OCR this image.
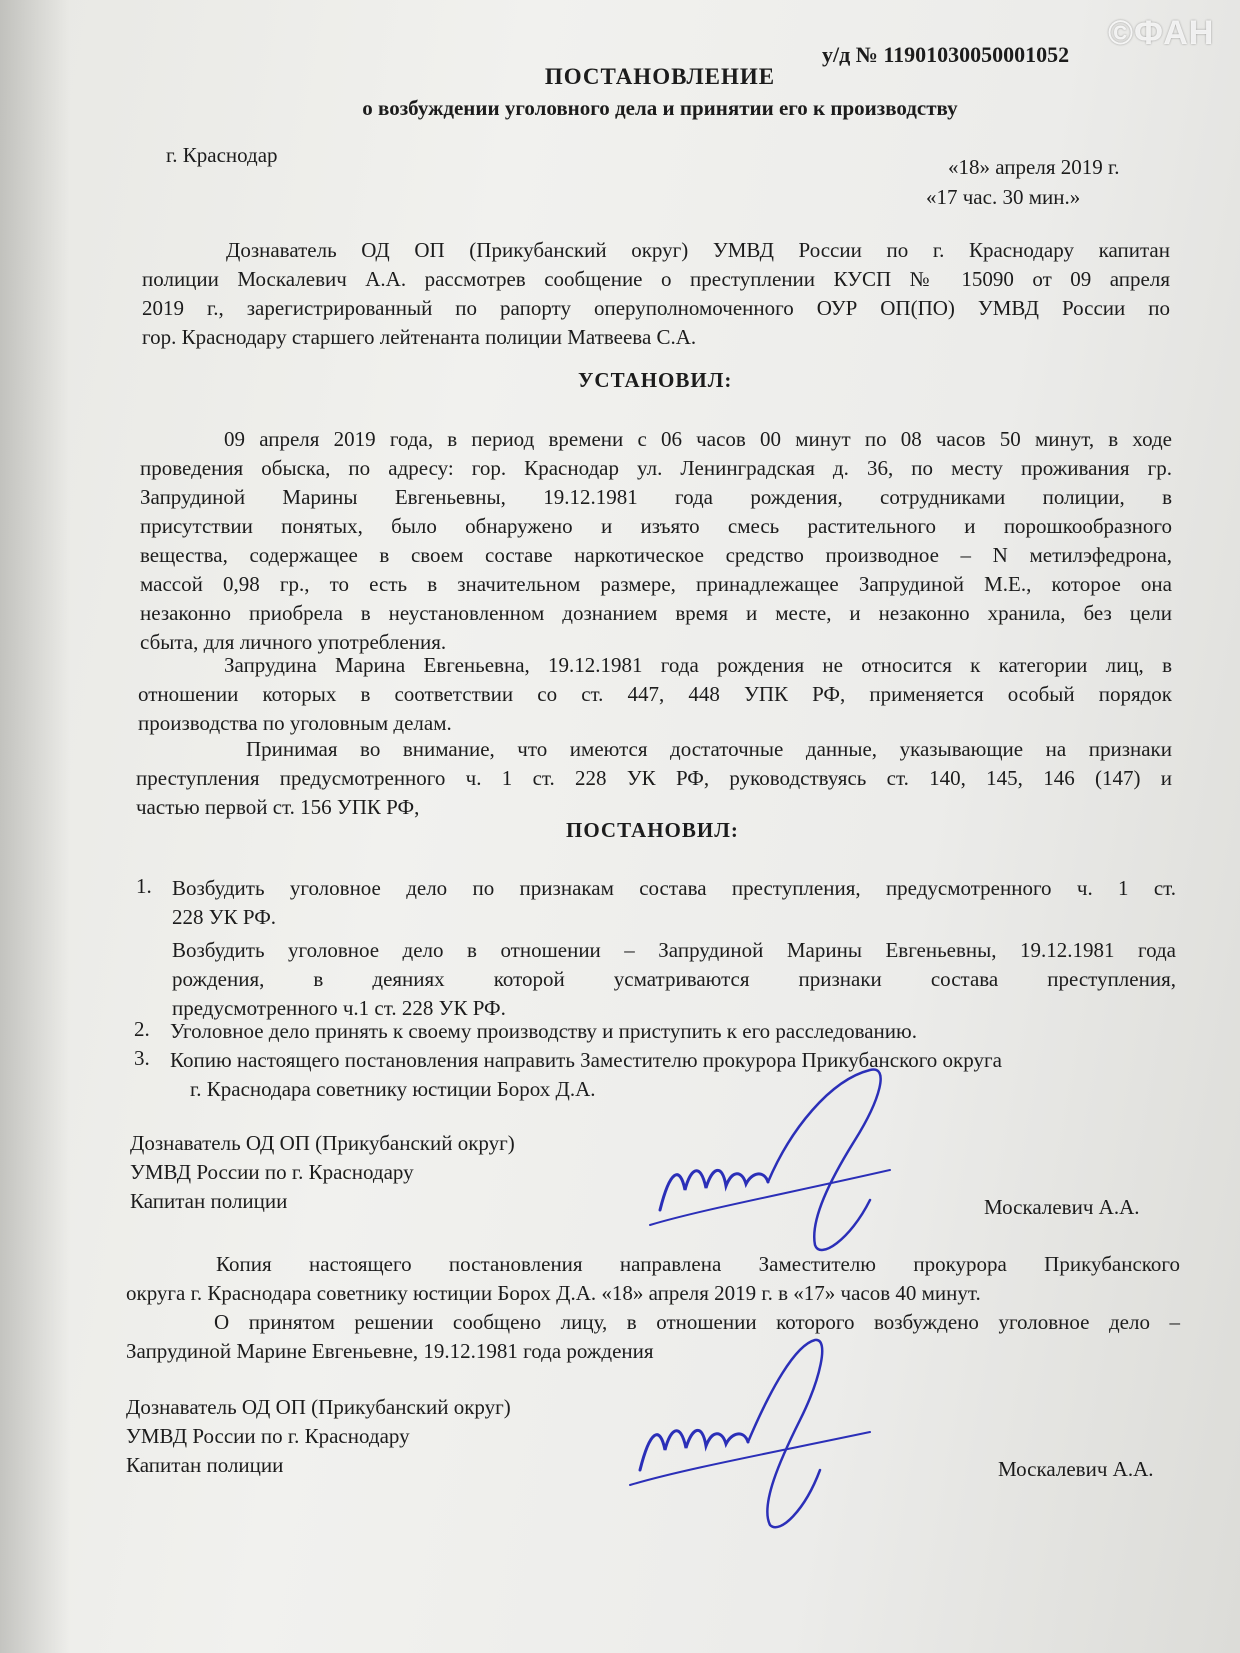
©ФАН
у/д № 11901030050001052
ПОСТАНОВЛЕНИЕ
о возбуждении уголовного дела и принятии его к производству
г. Краснодар	«18» апреля 2019 г.
«17 час. 30 мин.»
Дознаватель ОД ОП (Прикубанский округ) УМВД России по г. Краснодару капитан
полиции Москалевич А.А. рассмотрев сообщение о преступлении КУСП № 15090 от 09 апреля
2019 г., зарегистрированный по рапорту оперуполномоченного ОУР ОП(ПО) УМВД России по
гор. Краснодару старшего лейтенанта полиции Матвеева С.А.
УСТАНОВИЛ:
09 апреля 2019 года, в период времени с 06 часов 00 минут по 08 часов 50 минут, в ходе
проведения обыска, по адресу: гор. Краснодар ул. Ленинградская д. 36, по месту проживания гр.
Запрудиной Марины Евгеньевны, 19.12.1981 года рождения, сотрудниками полиции, в
присутствии понятых, было обнаружено и изъято смесь растительного и порошкообразного
вещества, содержащее в своем составе наркотическое средство производное – N метилэфедрона,
массой 0,98 гр., то есть в значительном размере, принадлежащее Запрудиной М.Е., которое она
незаконно приобрела в неустановленном дознанием время и месте, и незаконно хранила, без цели
сбыта, для личного употребления.
Запрудина Марина Евгеньевна, 19.12.1981 года рождения не относится к категории лиц, в
отношении которых в соответствии со ст. 447, 448 УПК РФ, применяется особый порядок
производства по уголовным делам.
Принимая во внимание, что имеются достаточные данные, указывающие на признаки
преступления предусмотренного ч. 1 ст. 228 УК РФ, руководствуясь ст. 140, 145, 146 (147) и
частью первой ст. 156 УПК РФ,
ПОСТАНОВИЛ:
1. Возбудить уголовное дело по признакам состава преступления, предусмотренного ч. 1 ст.
228 УК РФ.
Возбудить уголовное дело в отношении – Запрудиной Марины Евгеньевны, 19.12.1981 года
рождения, в деяниях которой усматриваются признаки состава преступления,
предусмотренного ч.1 ст. 228 УК РФ.
2. Уголовное дело принять к своему производству и приступить к его расследованию.
3. Копию настоящего постановления направить Заместителю прокурора Прикубанского округа
г. Краснодара советнику юстиции Борох Д.А.
Дознаватель ОД ОП (Прикубанский округ)
УМВД России по г. Краснодару
Капитан полиции	Москалевич А.А.
Копия настоящего постановления направлена Заместителю прокурора Прикубанского
округа г. Краснодара советнику юстиции Борох Д.А. «18» апреля 2019 г. в «17» часов 40 минут.
О принятом решении сообщено лицу, в отношении которого возбуждено уголовное дело –
Запрудиной Марине Евгеньевне, 19.12.1981 года рождения
Дознаватель ОД ОП (Прикубанский округ)
УМВД России по г. Краснодару
Капитан полиции	Москалевич А.А.
